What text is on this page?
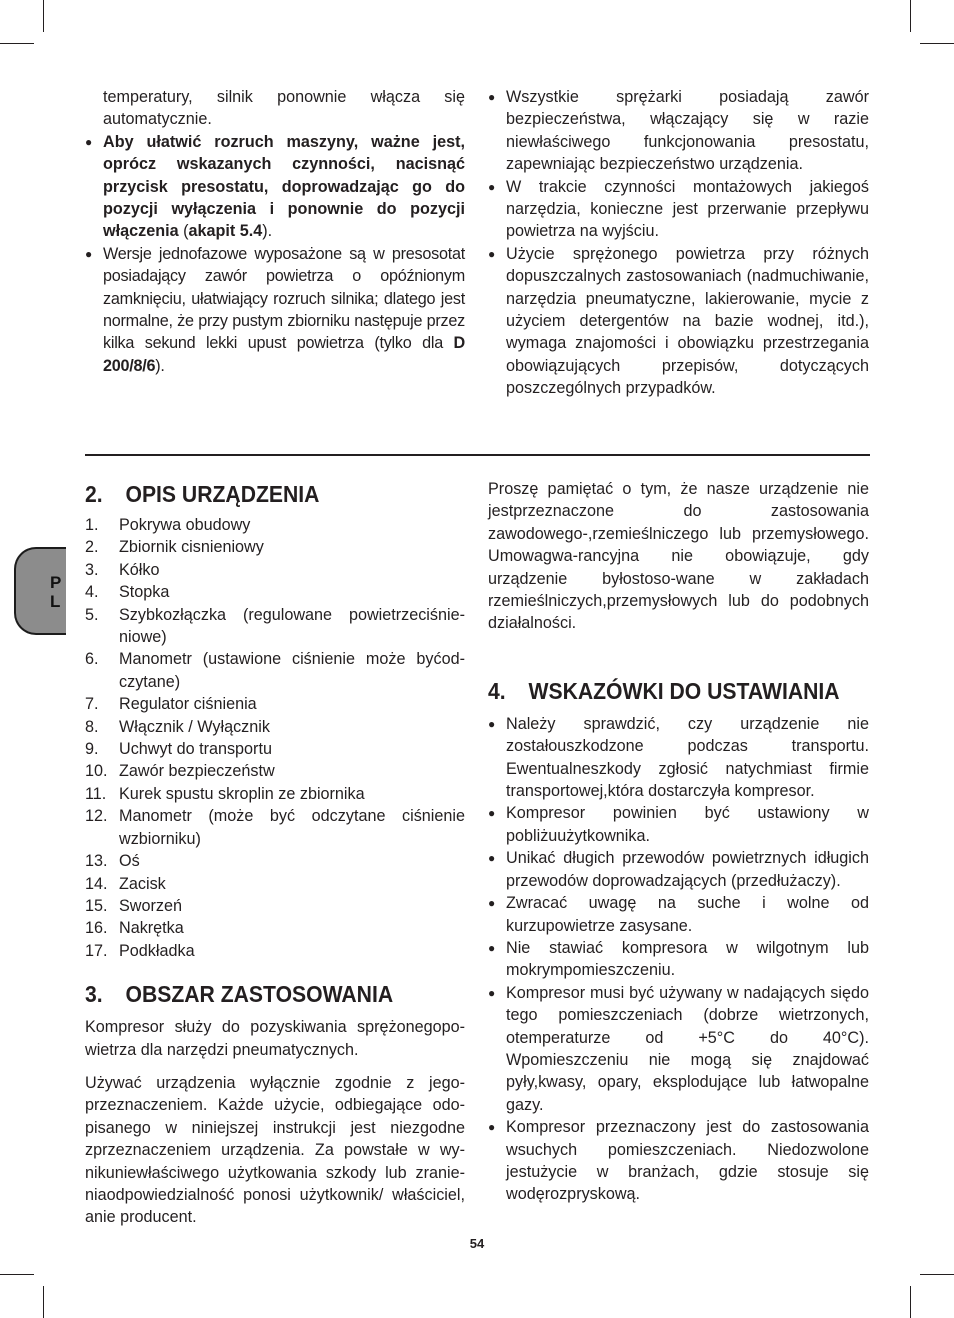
temperatury, silnik ponownie włącza się automatycznie.
● Aby ułatwić rozruch maszyny, ważne jest, oprócz wskazanych czynności, nacisnąć przycisk presostatu, doprowadzając go do pozycji wyłączenia i ponownie do pozycji włączenia (akapit 5.4).
● Wersje jednofazowe wyposażone są w presosotat posiadający zawór powietrza o opóźnionym zamknięciu, ułatwiający rozruch silnika; dlatego jest normalne, że przy pustym zbiorniku następuje przez kilka sekund lekki upust powietrza (tylko dla D 200/8/6).
● Wszystkie sprężarki posiadają zawór bezpieczeństwa, włączający się w razie niewłaściwego funkcjonowania presostatu, zapewniając bezpieczeństwo urządzenia.
● W trakcie czynności montażowych jakiegoś narzędzia, konieczne jest przerwanie przepływu powietrza na wyjściu.
● Użycie sprężonego powietrza przy różnych dopuszczalnych zastosowaniach (nadmuchiwanie, narzędzia pneumatyczne, lakierowanie, mycie z użyciem detergentów na bazie wodnej, itd.), wymaga znajomości i obowiązku przestrzegania obowiązujących przepisów, dotyczących poszczególnych przypadków.
2. OPIS URZĄDZENIA
1. Pokrywa obudowy
2. Zbiornik cisnieniowy
3. Kółko
4. Stopka
5. Szybkozłączka (regulowane powietrzeciśnie-niowe)
6. Manometr (ustawione ciśnienie może byćod-czytane)
7. Regulator ciśnienia
8. Włącznik / Wyłącznik
9. Uchwyt do transportu
10. Zawór bezpieczeństw
11. Kurek spustu skroplin ze zbiornika
12. Manometr (może być odczytane ciśnienie wzbiorniku)
13. Oś
14. Zacisk
15. Sworzeń
16. Nakrętka
17. Podkładka
3. OBSZAR ZASTOSOWANIA

Kompresor służy do pozyskiwania sprężonegopo-wietrza dla narzędzi pneumatycznych.

Używać urządzenia wyłącznie zgodnie z jego-przeznaczeniem. Każde użycie, odbiegające odo-pisanego w niniejszej instrukcji jest niezgodne zprzeznaczeniem urządzenia. Za powstałe w wy-nikuniewłaściwego użytkowania szkody lub zranie-niaodpowiedzialność ponosi użytkownik/ właściciel, anie producent.

Proszę pamiętać o tym, że nasze urządzenie nie jestprzeznaczone do zastosowania zawodowego-,rzemieślniczego lub przemysłowego. Umowagwa-rancyjna nie obowiązuje, gdy urządzenie byłostoso-wane w zakładach rzemieślniczych,przemysłowych lub do podobnych działalności.

4. WSKAZÓWKI DO USTAWIANIA
● Należy sprawdzić, czy urządzenie nie zostałouszkodzone podczas transportu. Ewentualneszkody zgłosić natychmiast firmie transportowej,która dostarczyła kompresor.
● Kompresor powinien być ustawiony w pobliżuużytkownika.
● Unikać długich przewodów powietrznych idługich przewodów doprowadzających (przedłużaczy).
● Zwracać uwagę na suche i wolne od kurzupowietrze zasysane.
● Nie stawiać kompresora w wilgotnym lub mokrympomieszczeniu.
● Kompresor musi być używany w nadających siędo tego pomieszczeniach (dobrze wietrzonych, otemperaturze od +5°C do 40°C). Wpomieszczeniu nie mogą się znajdować pyły,kwasy, opary, eksplodujące lub łatwopalne gazy.
● Kompresor przeznaczony jest do zastosowania wsuchych pomieszczeniach. Niedozwolone jestużycie w branżach, gdzie stosuje się wodęrozpryskową.
P
L
54
